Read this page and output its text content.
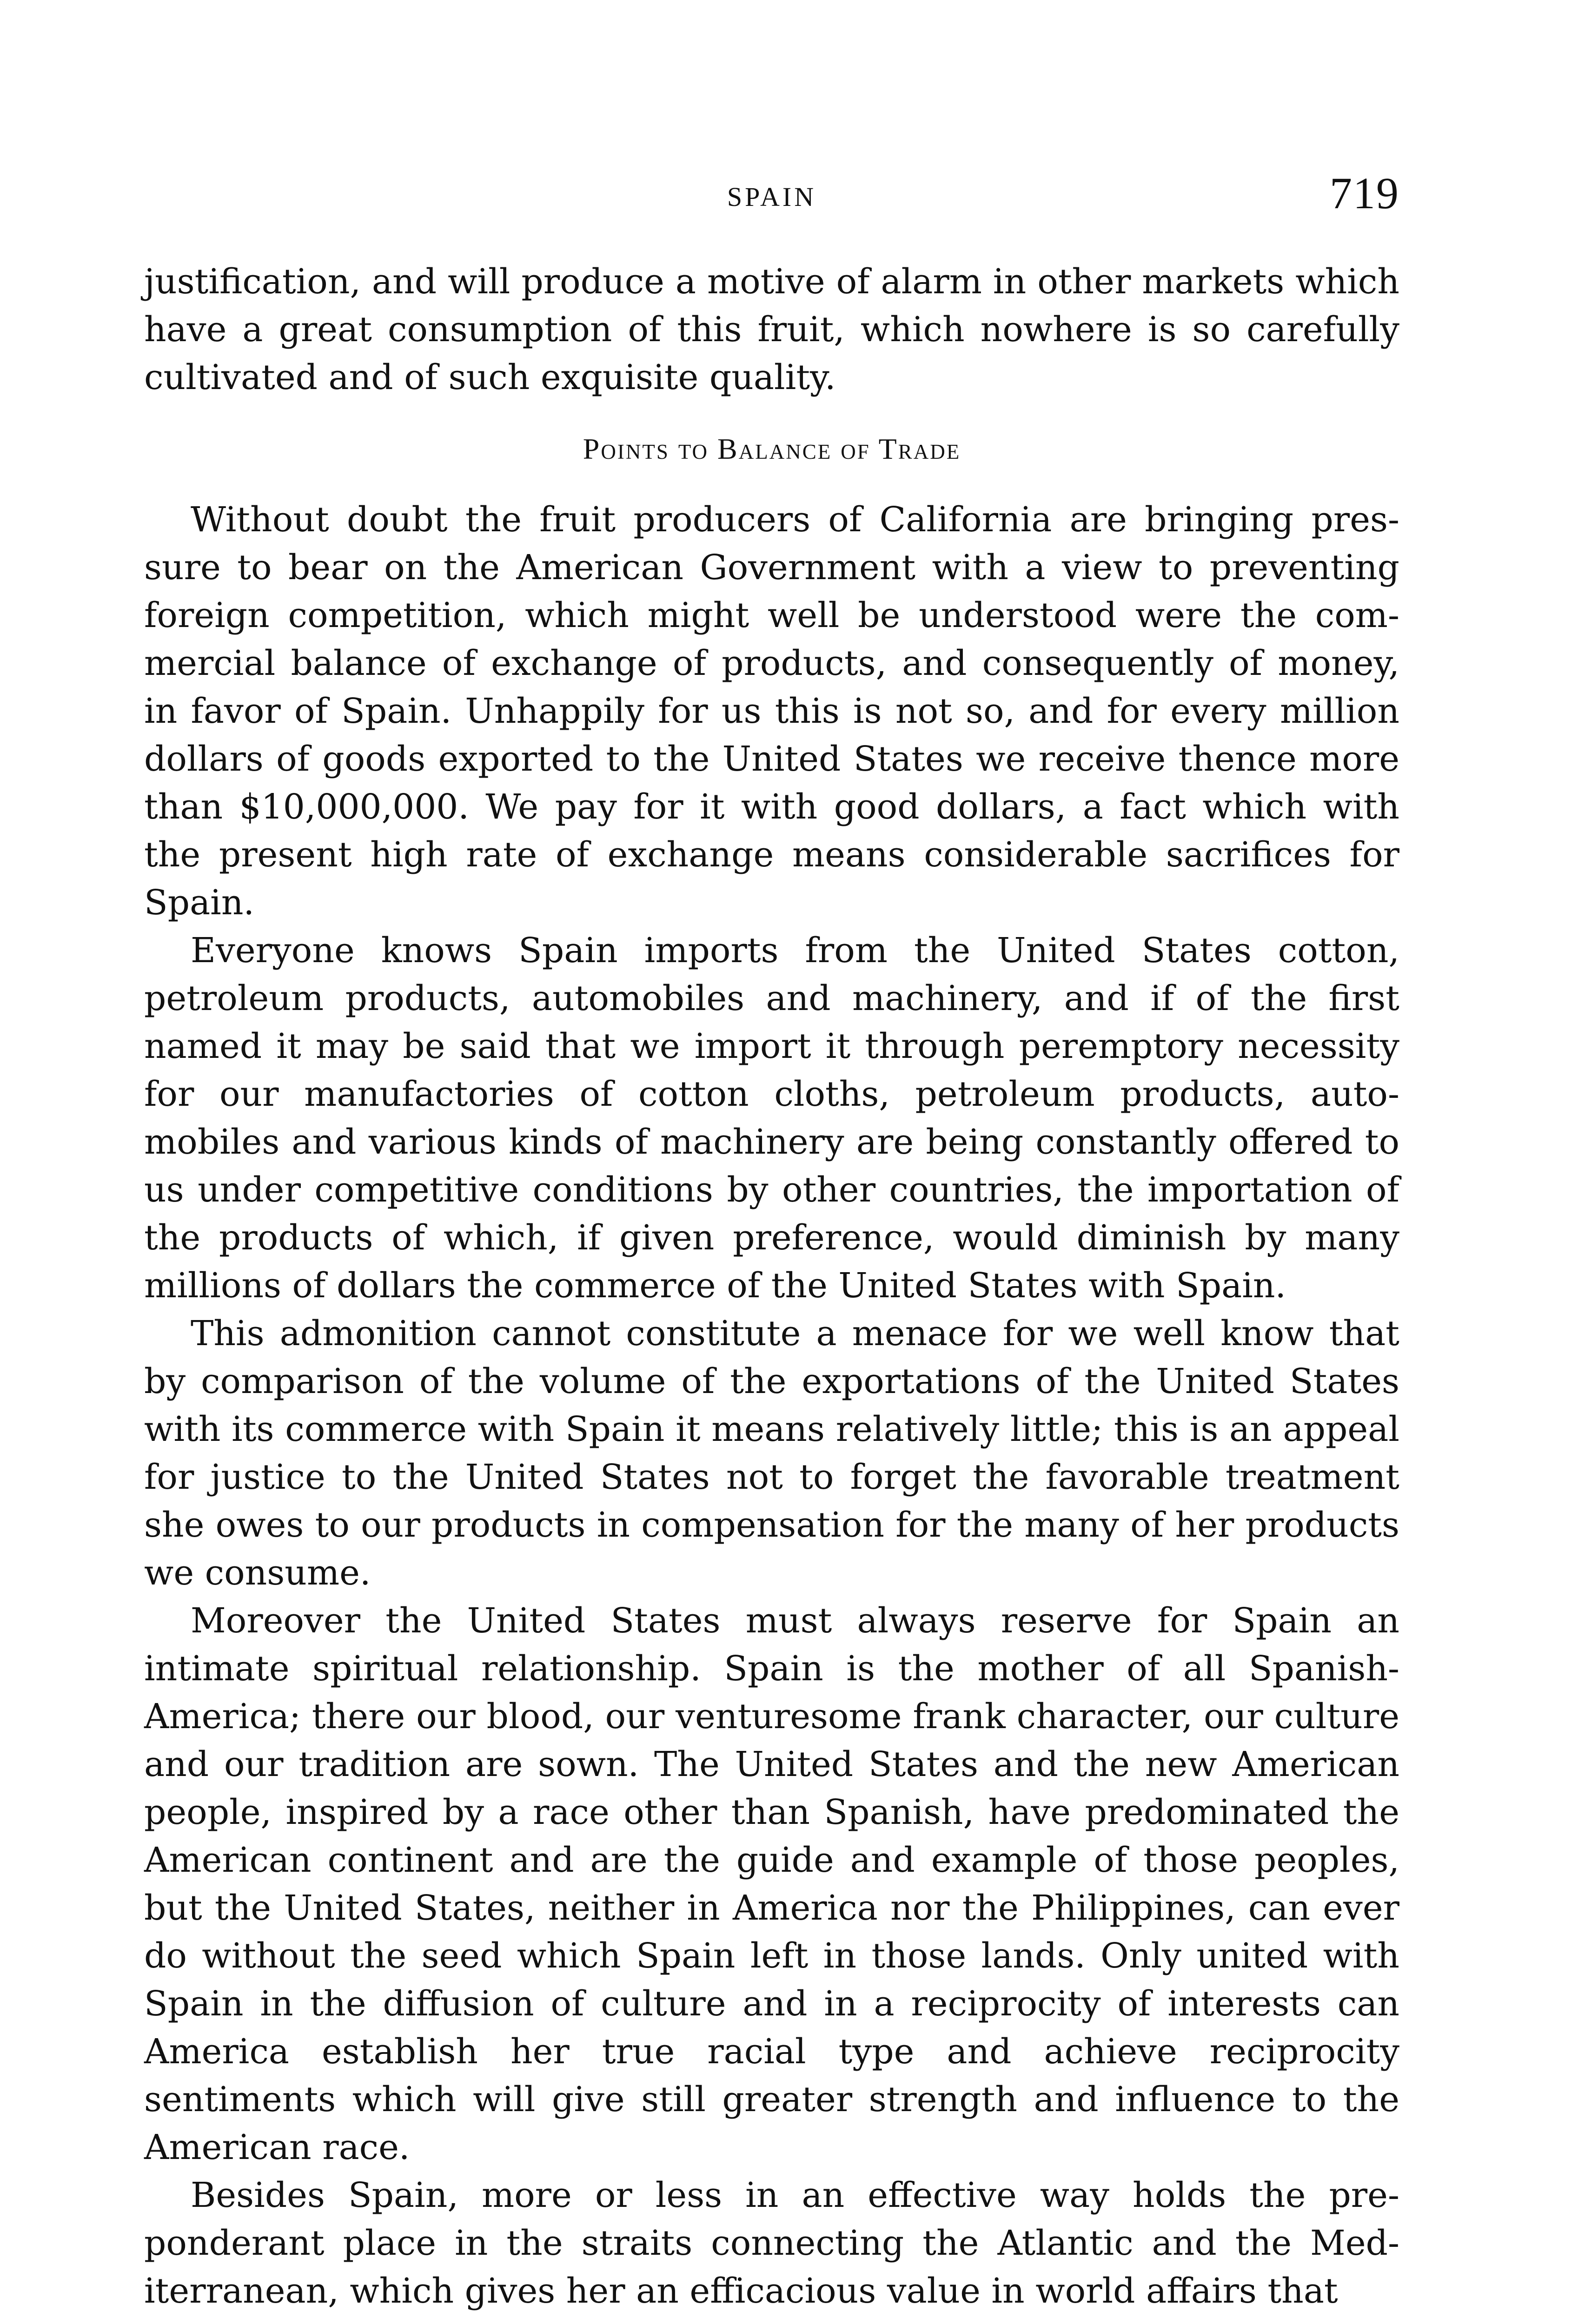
SPAIN	719

justification, and will produce a motive of alarm in other markets which have a great consumption of this fruit, which nowhere is so carefully cultivated and of such exquisite quality.

Points to Balance of Trade

Without doubt the fruit producers of California are bringing pressure to bear on the American Government with a view to preventing foreign competition, which might well be understood were the commercial balance of exchange of products, and consequently of money, in favor of Spain. Unhappily for us this is not so, and for every million dollars of goods exported to the United States we receive thence more than $10,000,000. We pay for it with good dollars, a fact which with the present high rate of exchange means considerable sacrifices for Spain.

Everyone knows Spain imports from the United States cotton, petroleum products, automobiles and machinery, and if of the first named it may be said that we import it through peremptory necessity for our manufactories of cotton cloths, petroleum products, automobiles and various kinds of machinery are being constantly offered to us under competitive conditions by other countries, the importation of the products of which, if given preference, would diminish by many millions of dollars the commerce of the United States with Spain.

This admonition cannot constitute a menace for we well know that by comparison of the volume of the exportations of the United States with its commerce with Spain it means relatively little; this is an appeal for justice to the United States not to forget the favorable treatment she owes to our products in compensation for the many of her products we consume.

Moreover the United States must always reserve for Spain an intimate spiritual relationship. Spain is the mother of all Spanish-America; there our blood, our venturesome frank character, our culture and our tradition are sown. The United States and the new American people, inspired by a race other than Spanish, have predominated the American continent and are the guide and example of those peoples, but the United States, neither in America nor the Philippines, can ever do without the seed which Spain left in those lands. Only united with Spain in the diffusion of culture and in a reciprocity of interests can America establish her true racial type and achieve reciprocity sentiments which will give still greater strength and influence to the American race.

Besides Spain, more or less in an effective way holds the preponderant place in the straits connecting the Atlantic and the Mediterranean, which gives her an efficacious value in world affairs that
